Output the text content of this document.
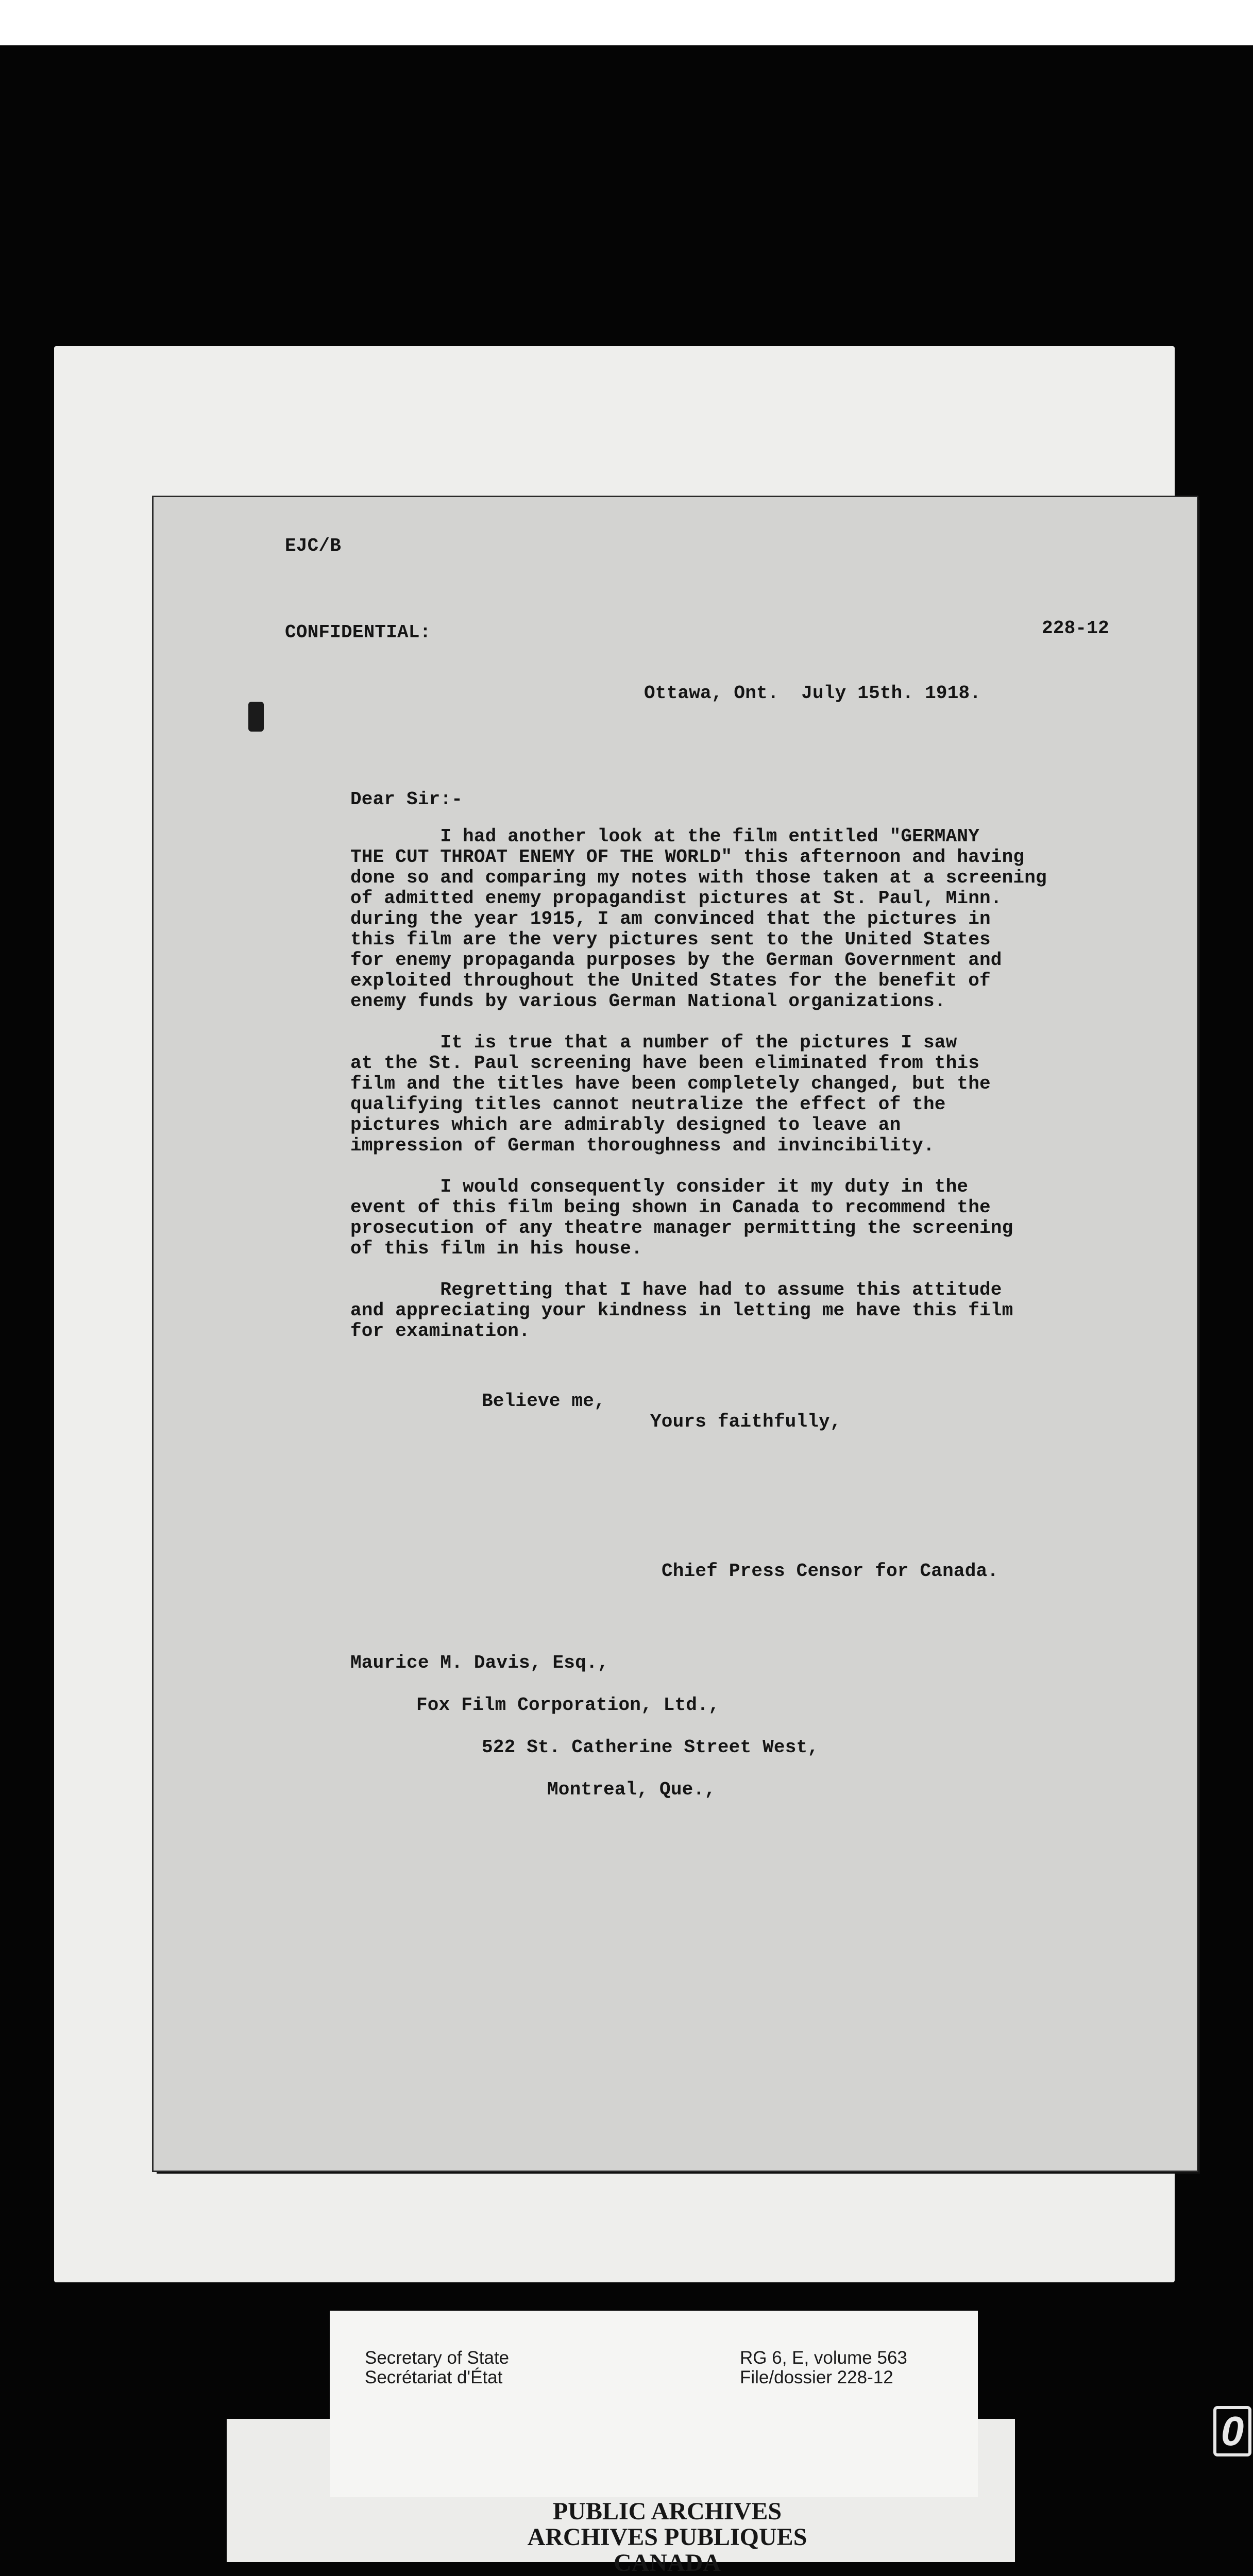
EJC/B
CONFIDENTIAL:	228-12
Ottawa, Ont.  July 15th. 1918.
Dear Sir:-

I had another look at the film entitled "GERMANY
THE CUT THROAT ENEMY OF THE WORLD" this afternoon and having
done so and comparing my notes with those taken at a screening
of admitted enemy propagandist pictures at St. Paul, Minn.
during the year 1915, I am convinced that the pictures in
this film are the very pictures sent to the United States
for enemy propaganda purposes by the German Government and
exploited throughout the United States for the benefit of
enemy funds by various German National organizations.

It is true that a number of the pictures I saw
at the St. Paul screening have been eliminated from this
film and the titles have been completely changed, but the
qualifying titles cannot neutralize the effect of the
pictures which are admirably designed to leave an
impression of German thoroughness and invincibility.

I would consequently consider it my duty in the
event of this film being shown in Canada to recommend the
prosecution of any theatre manager permitting the screening
of this film in his house.

Regretting that I have had to assume this attitude
and appreciating your kindness in letting me have this film
for examination.

Believe me,
Yours faithfully,
Chief Press Censor for Canada.
Maurice M. Davis, Esq.,
Fox Film Corporation, Ltd.,
522 St. Catherine Street West,
Montreal, Que.,
Secretary of State
Secrétariat d'État
RG 6, E, volume 563
File/dossier 228-12
PUBLIC ARCHIVES
ARCHIVES PUBLIQUES
CANADA
0
